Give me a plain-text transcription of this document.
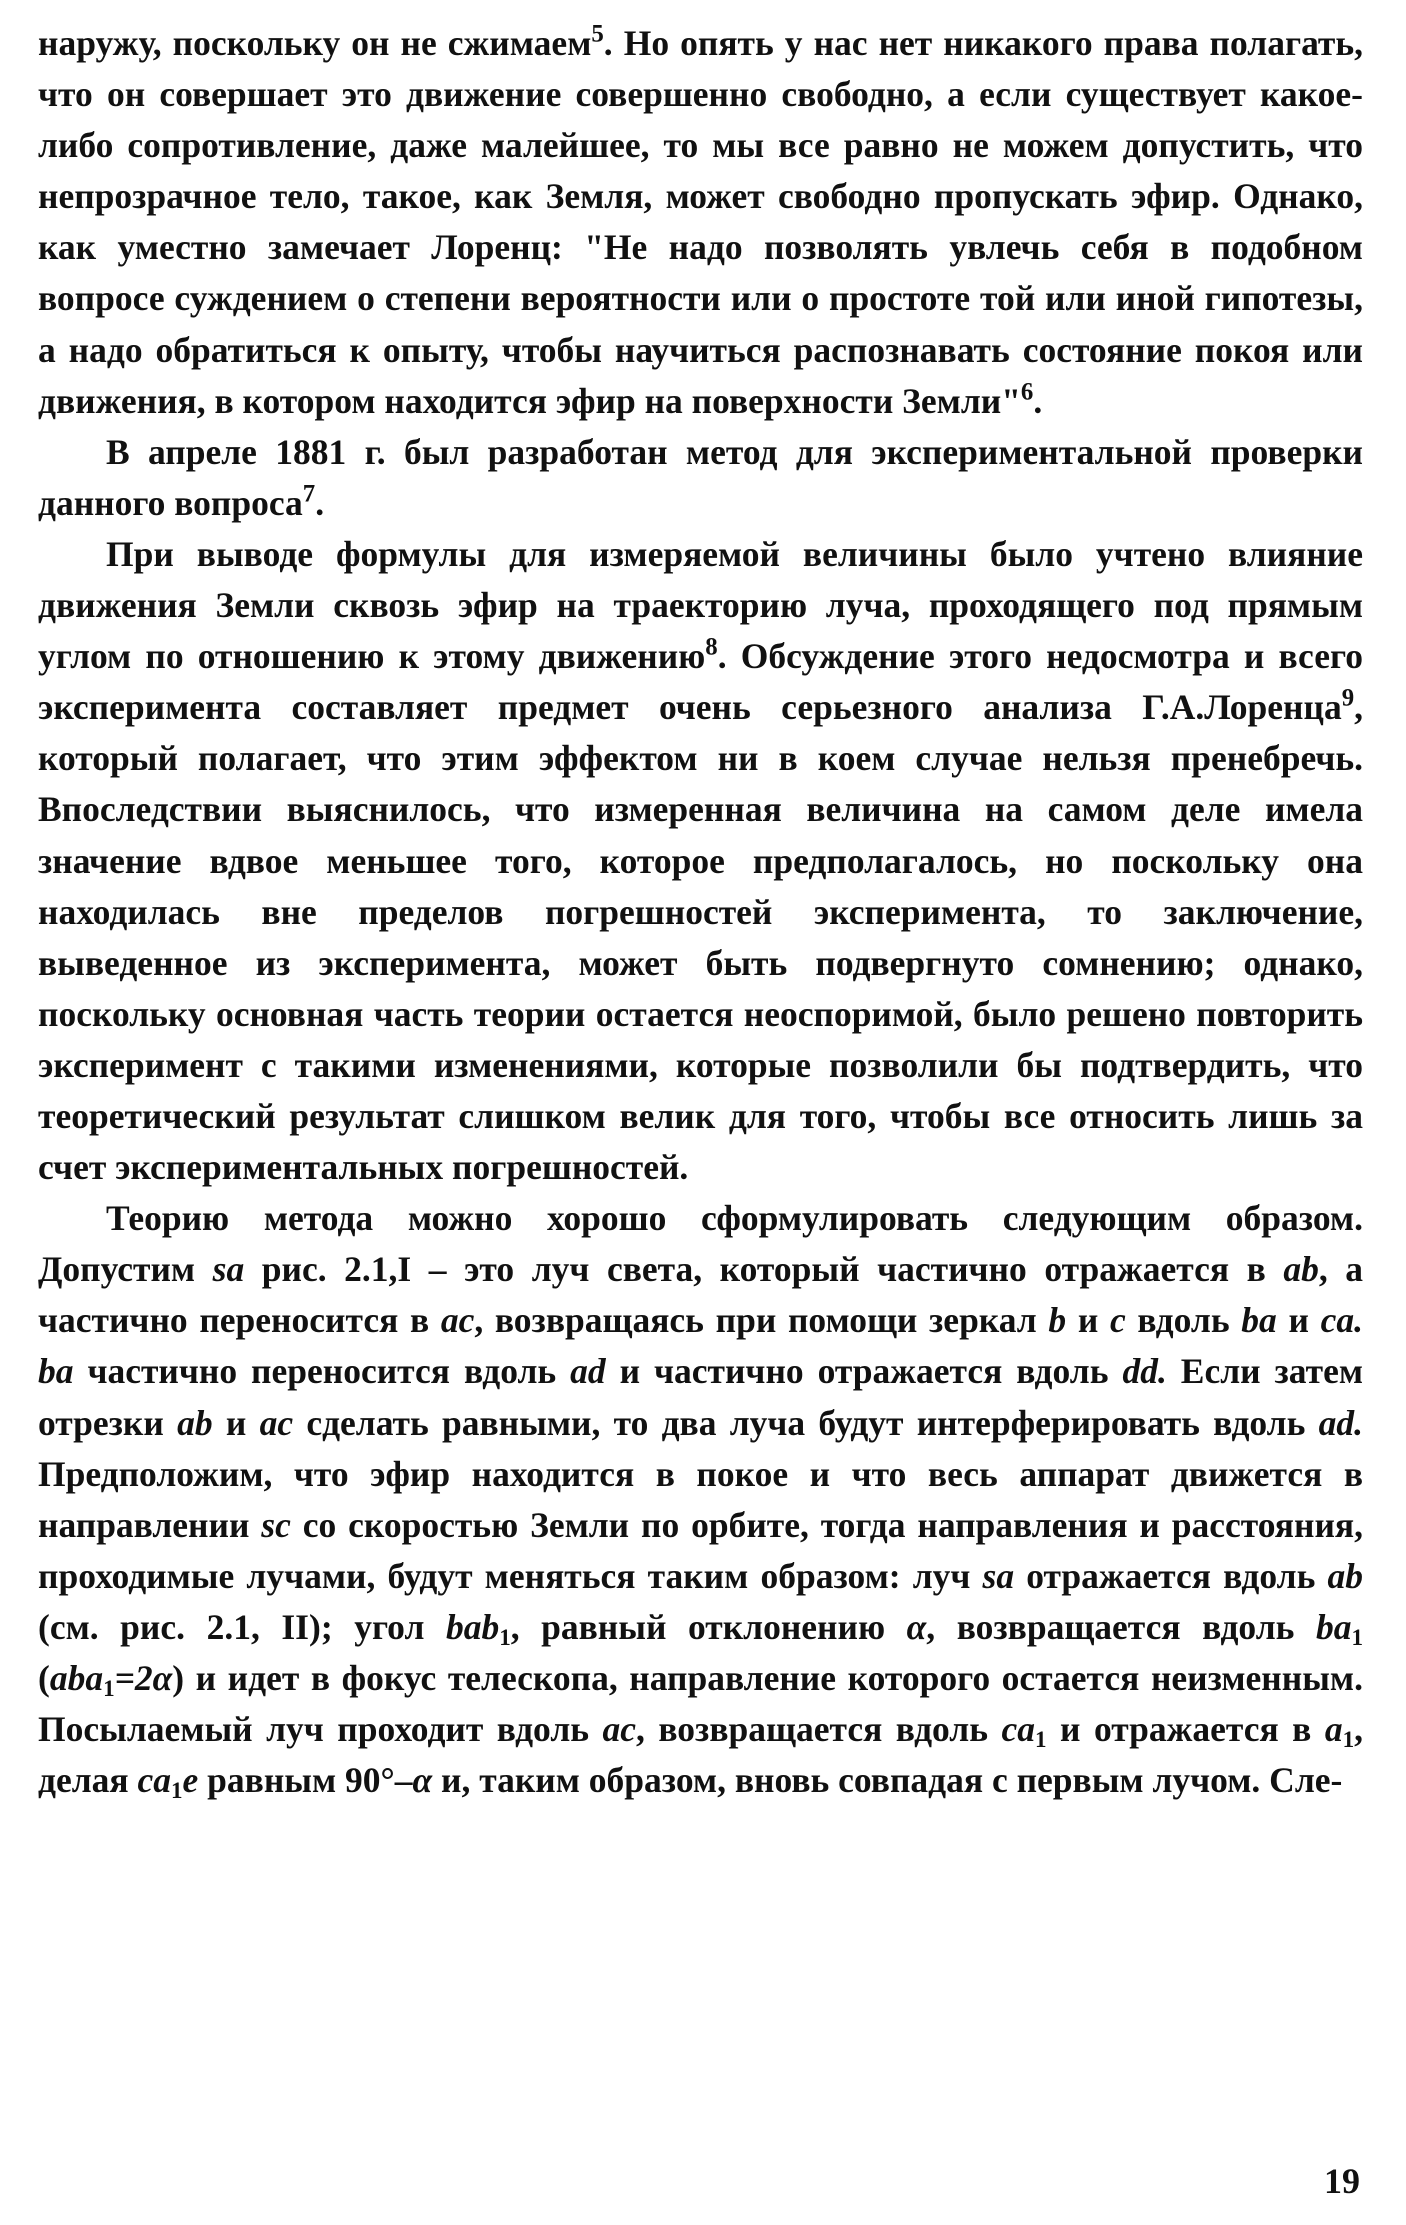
наружу, поскольку он не сжимаем$^5$. Но опять у нас нет никакого права полагать, что он совершает это движение совершенно свободно, а если существует какое-либо сопротивление, даже малейшее, то мы все равно не можем допустить, что непрозрачное тело, такое, как Земля, может свободно пропускать эфир. Однако, как уместно замечает Лоренц: "Не надо позволять увлечь себя в подобном вопросе суждением о степени вероятности или о простоте той или иной гипотезы, а надо обратиться к опыту, чтобы научиться распознавать состояние покоя или движения, в котором находится эфир на поверхности Земли"$^6$.

В апреле 1881 г. был разработан метод для экспериментальной проверки данного вопроса$^7$.

При выводе формулы для измеряемой величины было учтено влияние движения Земли сквозь эфир на траекторию луча, проходящего под прямым углом по отношению к этому движению$^8$. Обсуждение этого недосмотра и всего эксперимента составляет предмет очень серьезного анализа Г.А.Лоренца$^9$, который полагает, что этим эффектом ни в коем случае нельзя пренебречь. Впоследствии выяснилось, что измеренная величина на самом деле имела значение вдвое меньшее того, которое предполагалось, но поскольку она находилась вне пределов погрешностей эксперимента, то заключение, выведенное из эксперимента, может быть подвергнуто сомнению; однако, поскольку основная часть теории остается неоспоримой, было решено повторить эксперимент с такими изменениями, которые позволили бы подтвердить, что теоретический результат слишком велик для того, чтобы все относить лишь за счет экспериментальных погрешностей.

Теорию метода можно хорошо сформулировать следующим образом. Допустим sa рис. 2.1,I – это луч света, который частично отражается в ab, а частично переносится в ac, возвращаясь при помощи зеркал b и c вдоль ba и ca. ba частично переносится вдоль ad и частично отражается вдоль dd. Если затем отрезки ab и ac сделать равными, то два луча будут интерферировать вдоль ad. Предположим, что эфир находится в покое и что весь аппарат движется в направлении sc со скоростью Земли по орбите, тогда направления и расстояния, проходимые лучами, будут меняться таким образом: луч sa отражается вдоль ab (см. рис. 2.1, II); угол bab$_1$, равный отклонению α, возвращается вдоль $ba_1$ (aba$_1$=2α) и идет в фокус телескопа, направление которого остается неизменным. Посылаемый луч проходит вдоль ac, возвращается вдоль $ca_1$ и отражается в $a_1$, делая $ca_1e$ равным 90°–α и, таким образом, вновь совпадая с первым лучом. Сле-

19
